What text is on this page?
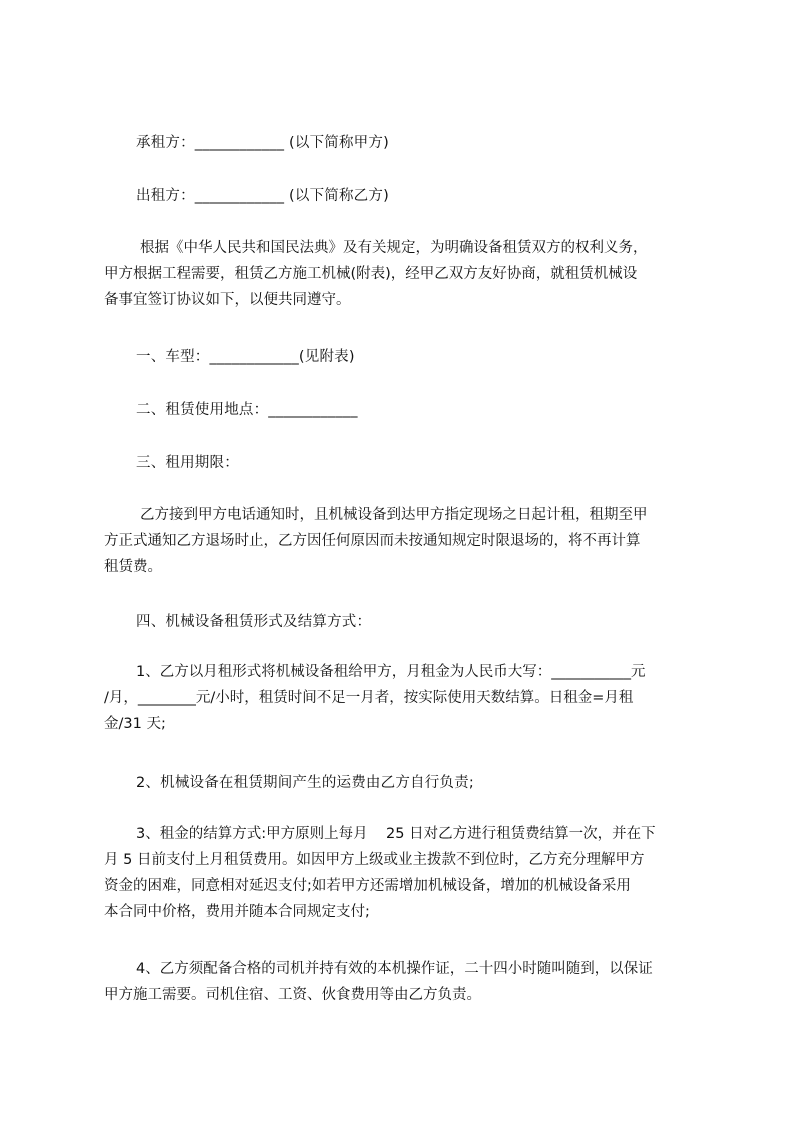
承租方：____________ (以下简称甲方)
出租方：____________ (以下简称乙方)
根据《中华人民共和国民法典》及有关规定，为明确设备租赁双方的权利义务，
甲方根据工程需要，租赁乙方施工机械(附表)，经甲乙双方友好协商，就租赁机械设
备事宜签订协议如下，以便共同遵守。
一、车型：____________(见附表)
二、租赁使用地点：____________
三、租用期限：
乙方接到甲方电话通知时，且机械设备到达甲方指定现场之日起计租，租期至甲
方正式通知乙方退场时止，乙方因任何原因而未按通知规定时限退场的，将不再计算
租赁费。
四、机械设备租赁形式及结算方式：
1、乙方以月租形式将机械设备租给甲方，月租金为人民币大写：___________元
/月，________元/小时，租赁时间不足一月者，按实际使用天数结算。日租金=月租
金/31 天;
2、机械设备在租赁期间产生的运费由乙方自行负责;
3、租金的结算方式:甲方原则上每月    25 日对乙方进行租赁费结算一次，并在下
月 5 日前支付上月租赁费用。如因甲方上级或业主拨款不到位时，乙方充分理解甲方
资金的困难，同意相对延迟支付;如若甲方还需增加机械设备，增加的机械设备采用
本合同中价格，费用并随本合同规定支付;
4、乙方须配备合格的司机并持有效的本机操作证，二十四小时随叫随到，以保证
甲方施工需要。司机住宿、工资、伙食费用等由乙方负责。
